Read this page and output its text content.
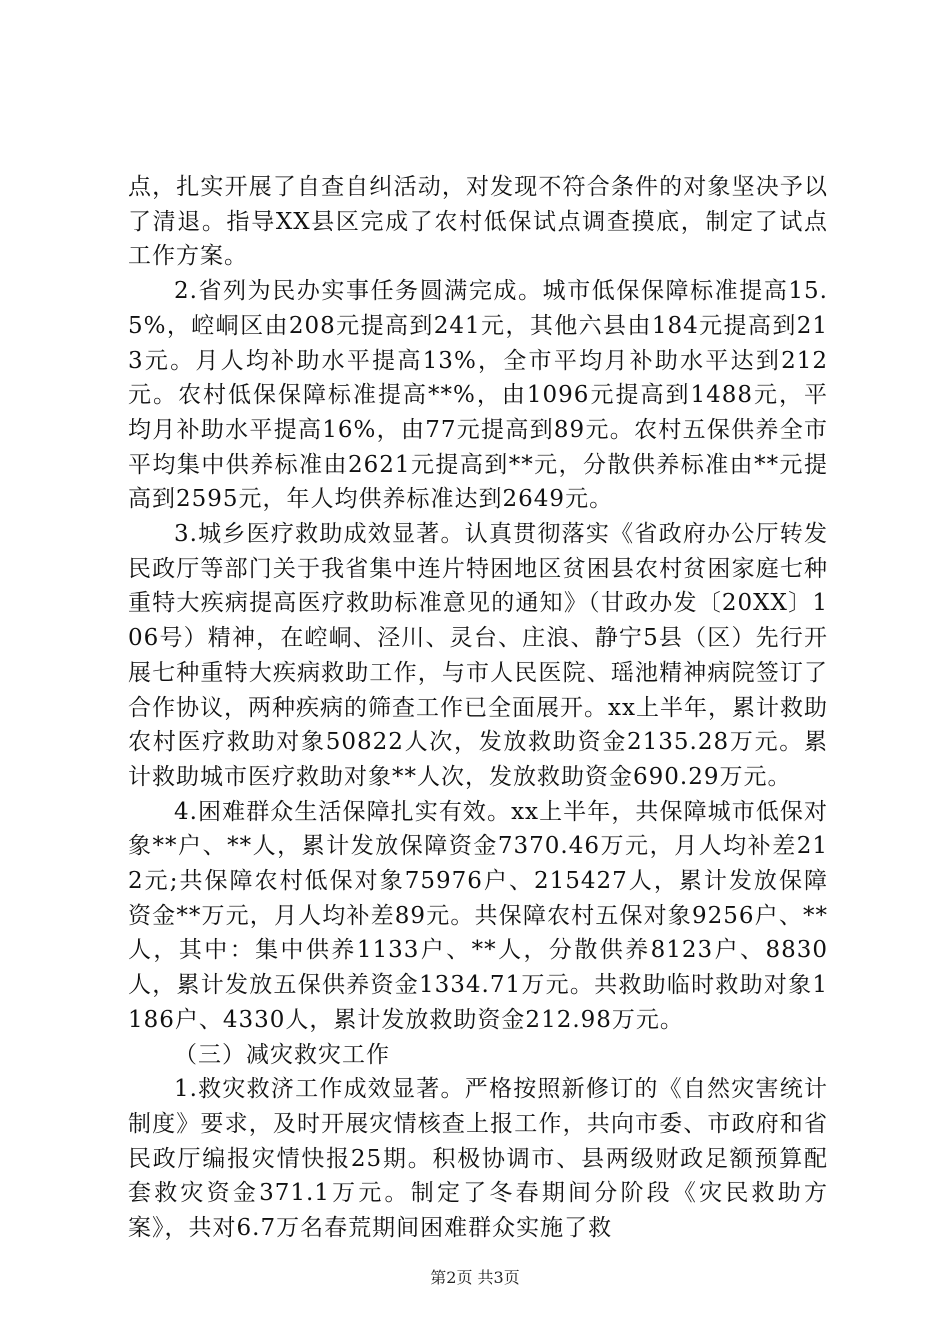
点，扎实开展了自查自纠活动，对发现不符合条件的对象坚决予以了清退。指导XX县区完成了农村低保试点调查摸底，制定了试点工作方案。

2.省列为民办实事任务圆满完成。城市低保保障标准提高15.5%，崆峒区由208元提高到241元，其他六县由184元提高到213元。月人均补助水平提高13%，全市平均月补助水平达到212元。农村低保保障标准提高**%，由1096元提高到1488元，平均月补助水平提高16%，由77元提高到89元。农村五保供养全市平均集中供养标准由2621元提高到**元，分散供养标准由**元提高到2595元，年人均供养标准达到2649元。

3.城乡医疗救助成效显著。认真贯彻落实《省政府办公厅转发民政厅等部门关于我省集中连片特困地区贫困县农村贫困家庭七种重特大疾病提高医疗救助标准意见的通知》（甘政办发〔20XX〕106号）精神，在崆峒、泾川、灵台、庄浪、静宁5县（区）先行开展七种重特大疾病救助工作，与市人民医院、瑶池精神病院签订了合作协议，两种疾病的筛查工作已全面展开。xx上半年，累计救助农村医疗救助对象50822人次，发放救助资金2135.28万元。累计救助城市医疗救助对象**人次，发放救助资金690.29万元。

4.困难群众生活保障扎实有效。xx上半年，共保障城市低保对象**户、**人，累计发放保障资金7370.46万元，月人均补差212元;共保障农村低保对象75976户、215427人，累计发放保障资金**万元，月人均补差89元。共保障农村五保对象9256户、**人，其中：集中供养1133户、**人，分散供养8123户、8830人，累计发放五保供养资金1334.71万元。共救助临时救助对象1186户、4330人，累计发放救助资金212.98万元。

（三）减灾救灾工作

1.救灾救济工作成效显著。严格按照新修订的《自然灾害统计制度》要求，及时开展灾情核查上报工作，共向市委、市政府和省民政厅编报灾情快报25期。积极协调市、县两级财政足额预算配套救灾资金371.1万元。制定了冬春期间分阶段《灾民救助方案》，共对6.7万名春荒期间困难群众实施了救

第2页 共3页
